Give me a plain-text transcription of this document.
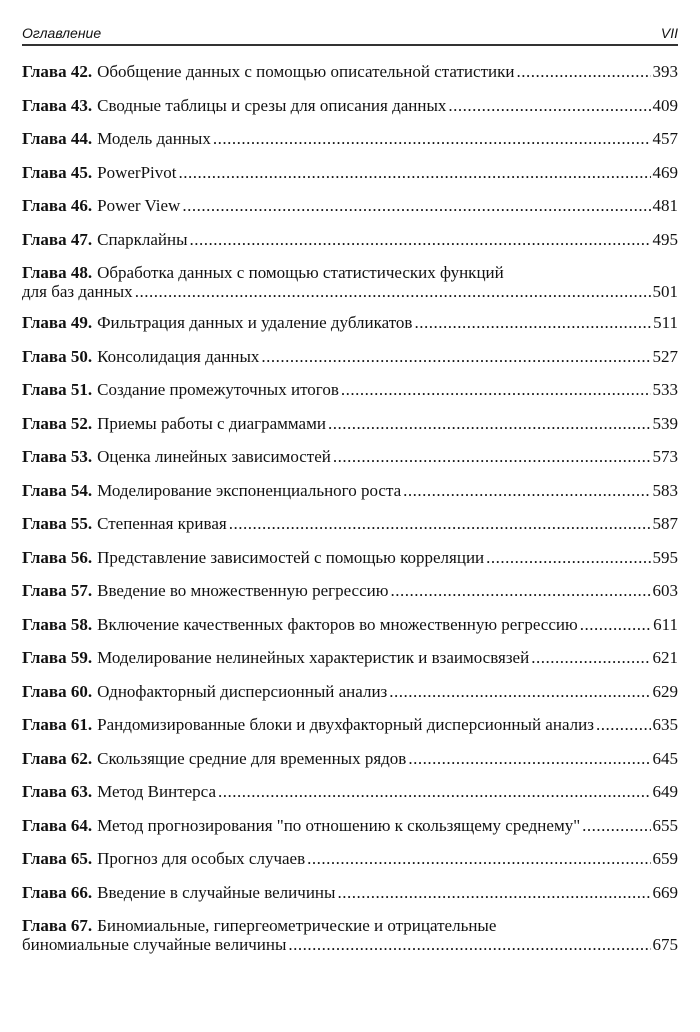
Оглавление	VII
Глава 42. Обобщение данных с помощью описательной статистики .....	393
Глава 43. Сводные таблицы и срезы для описания данных .....	409
Глава 44. Модель данных .....	457
Глава 45. PowerPivot .....	469
Глава 46. Power View .....	481
Глава 47. Спарклайны .....	495
Глава 48. Обработка данных с помощью статистических функций
для баз данных .....	501
Глава 49. Фильтрация данных и удаление дубликатов .....	511
Глава 50. Консолидация данных .....	527
Глава 51. Создание промежуточных итогов .....	533
Глава 52. Приемы работы с диаграммами .....	539
Глава 53. Оценка линейных зависимостей .....	573
Глава 54. Моделирование экспоненциального роста .....	583
Глава 55. Степенная кривая .....	587
Глава 56. Представление зависимостей с помощью корреляции .....	595
Глава 57. Введение во множественную регрессию .....	603
Глава 58. Включение качественных факторов во множественную регрессию .....	611
Глава 59. Моделирование нелинейных характеристик и взаимосвязей .....	621
Глава 60. Однофакторный дисперсионный анализ .....	629
Глава 61. Рандомизированные блоки и двухфакторный дисперсионный анализ .....	635
Глава 62. Скользящие средние для временных рядов .....	645
Глава 63. Метод Винтерса .....	649
Глава 64. Метод прогнозирования "по отношению к скользящему среднему" .....	655
Глава 65. Прогноз для особых случаев .....	659
Глава 66. Введение в случайные величины .....	669
Глава 67. Биномиальные, гипергеометрические и отрицательные
биномиальные случайные величины .....	675
